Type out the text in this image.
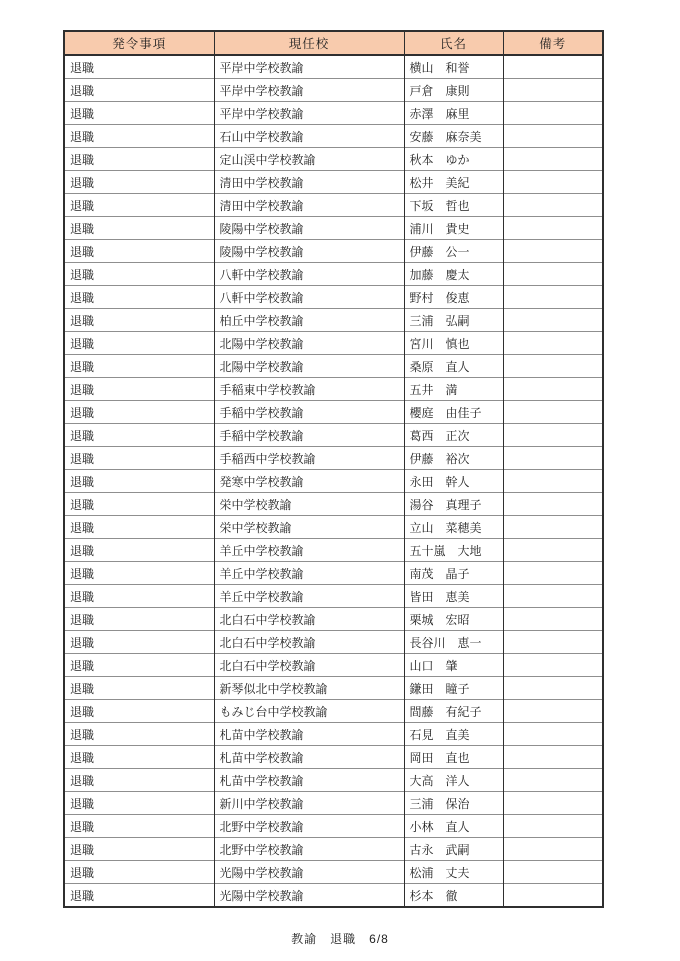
発令事項	現任校	氏名	備考
退職	平岸中学校教諭	横山　和誉	
退職	平岸中学校教諭	戸倉　康則	
退職	平岸中学校教諭	赤澤　麻里	
退職	石山中学校教諭	安藤　麻奈美	
退職	定山渓中学校教諭	秋本　ゆか	
退職	清田中学校教諭	松井　美紀	
退職	清田中学校教諭	下坂　哲也	
退職	陵陽中学校教諭	浦川　貴史	
退職	陵陽中学校教諭	伊藤　公一	
退職	八軒中学校教諭	加藤　慶太	
退職	八軒中学校教諭	野村　俊恵	
退職	柏丘中学校教諭	三浦　弘嗣	
退職	北陽中学校教諭	宮川　慎也	
退職	北陽中学校教諭	桑原　直人	
退職	手稲東中学校教諭	五井　満	
退職	手稲中学校教諭	櫻庭　由佳子	
退職	手稲中学校教諭	葛西　正次	
退職	手稲西中学校教諭	伊藤　裕次	
退職	発寒中学校教諭	永田　幹人	
退職	栄中学校教諭	湯谷　真理子	
退職	栄中学校教諭	立山　菜穂美	
退職	羊丘中学校教諭	五十嵐　大地	
退職	羊丘中学校教諭	南茂　晶子	
退職	羊丘中学校教諭	皆田　恵美	
退職	北白石中学校教諭	栗城　宏昭	
退職	北白石中学校教諭	長谷川　恵一	
退職	北白石中学校教諭	山口　肇	
退職	新琴似北中学校教諭	鎌田　瞳子	
退職	もみじ台中学校教諭	間藤　有紀子	
退職	札苗中学校教諭	石見　直美	
退職	札苗中学校教諭	岡田　直也	
退職	札苗中学校教諭	大高　洋人	
退職	新川中学校教諭	三浦　保治	
退職	北野中学校教諭	小林　直人	
退職	北野中学校教諭	古永　武嗣	
退職	光陽中学校教諭	松浦　丈夫	
退職	光陽中学校教諭	杉本　徹	
教諭　退職　6/8
